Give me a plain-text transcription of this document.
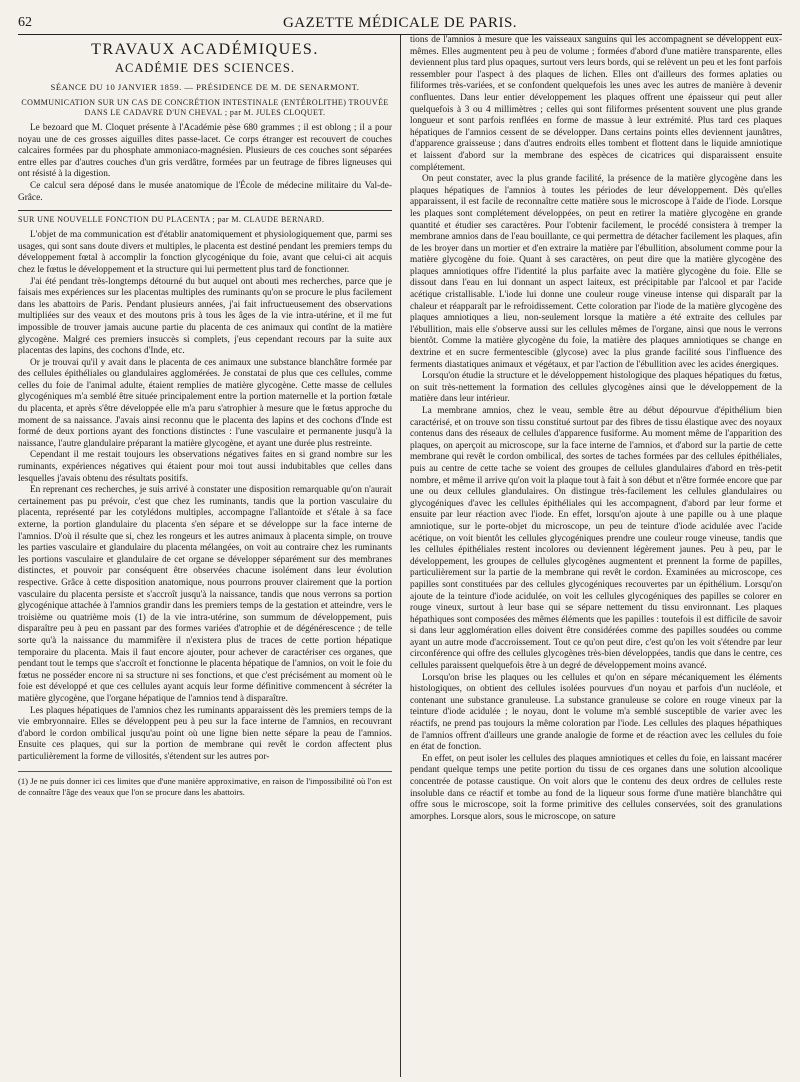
62	GAZETTE MÉDICALE DE PARIS.
TRAVAUX ACADÉMIQUES.
ACADÉMIE DES SCIENCES.
SÉANCE DU 10 JANVIER 1859. — PRÉSIDENCE DE M. DE SENARMONT.
COMMUNICATION SUR UN CAS DE CONCRÉTION INTESTINALE (ENTÉROLITHE) TROUVÉE DANS LE CADAVRE D'UN CHEVAL ; par M. JULES CLOQUET.

Le bezoard que M. Cloquet présente à l'Académie pèse 680 grammes ; il est oblong ; il a pour noyau une de ces grosses aiguilles dites passe-lacet. Ce corps étranger est recouvert de couches calcaires formées par du phosphate ammoniaco-magnésien. Plusieurs de ces couches sont séparées entre elles par d'autres couches d'un gris verdâtre, formées par un feutrage de fibres ligneuses qui ont résisté à la digestion.

Ce calcul sera déposé dans le musée anatomique de l'École de médecine militaire du Val-de-Grâce.

SUR UNE NOUVELLE FONCTION DU PLACENTA ; par M. CLAUDE BERNARD.

L'objet de ma communication est d'établir anatomiquement et physiologiquement que, parmi ses usages, qui sont sans doute divers et multiples, le placenta est destiné pendant les premiers temps du développement fœtal à accomplir la fonction glycogénique du foie, avant que celui-ci ait acquis chez le fœtus le développement et la structure qui lui permettent plus tard de fonctionner.

J'ai été pendant très-longtemps détourné du but auquel ont abouti mes recherches, parce que je faisais mes expériences sur les placentas multiples des ruminants qu'on se procure le plus facilement dans les abattoirs de Paris. Pendant plusieurs années, j'ai fait infructueusement des observations multipliées sur des veaux et des moutons pris à tous les âges de la vie intra-utérine, et il me fut impossible de trouver jamais aucune partie du placenta de ces animaux qui contînt de la matière glycogène. Malgré ces premiers insuccès si complets, j'eus cependant recours par la suite aux placentas des lapins, des cochons d'Inde, etc.

Or je trouvai qu'il y avait dans le placenta de ces animaux une substance blanchâtre formée par des cellules épithéliales ou glandulaires agglomérées. Je constatai de plus que ces cellules, comme celles du foie de l'animal adulte, étaient remplies de matière glycogène. Cette masse de cellules glycogéniques m'a semblé être située principalement entre la portion maternelle et la portion fœtale du placenta, et après s'être développée elle m'a paru s'atrophier à mesure que le fœtus approche du moment de sa naissance. J'avais ainsi reconnu que le placenta des lapins et des cochons d'Inde est formé de deux portions ayant des fonctions distinctes : l'une vasculaire et permanente jusqu'à la naissance, l'autre glandulaire préparant la matière glycogène, et ayant une durée plus restreinte.

Cependant il me restait toujours les observations négatives faites en si grand nombre sur les ruminants, expériences négatives qui étaient pour moi tout aussi indubitables que celles dans lesquelles j'avais obtenu des résultats positifs.

En reprenant ces recherches, je suis arrivé à constater une disposition remarquable qu'on n'aurait certainement pas pu prévoir, c'est que chez les ruminants, tandis que la portion vasculaire du placenta, représenté par les cotylédons multiples, accompagne l'allantoïde et s'étale à sa face externe, la portion glandulaire du placenta s'en sépare et se développe sur la face interne de l'amnios. D'où il résulte que si, chez les rongeurs et les autres animaux à placenta simple, on trouve les parties vasculaire et glandulaire du placenta mélangées, on voit au contraire chez les ruminants les portions vasculaire et glandulaire de cet organe se développer séparément sur des membranes distinctes, et pouvoir par conséquent être observées chacune isolément dans leur évolution respective. Grâce à cette disposition anatomique, nous pourrons prouver clairement que la portion vasculaire du placenta persiste et s'accroît jusqu'à la naissance, tandis que nous verrons sa portion glycogénique attachée à l'amnios grandir dans les premiers temps de la gestation et atteindre, vers le troisième ou quatrième mois (1) de la vie intra-utérine, son summum de développement, puis disparaître peu à peu en passant par des formes variées d'atrophie et de dégénérescence ; de telle sorte qu'à la naissance du mammifère il n'existera plus de traces de cette portion hépatique temporaire du placenta. Mais il faut encore ajouter, pour achever de caractériser ces organes, que pendant tout le temps que s'accroît et fonctionne le placenta hépatique de l'amnios, on voit le foie du fœtus ne posséder encore ni sa structure ni ses fonctions, et que c'est précisément au moment où le foie est développé et que ces cellules ayant acquis leur forme définitive commencent à sécréter la matière glycogène, que l'organe hépatique de l'amnios tend à disparaître.

Les plaques hépatiques de l'amnios chez les ruminants apparaissent dès les premiers temps de la vie embryonnaire. Elles se développent peu à peu sur la face interne de l'amnios, en recouvrant d'abord le cordon ombilical jusqu'au point où une ligne bien nette sépare la peau de l'amnios. Ensuite ces plaques, qui sur la portion de membrane qui revêt le cordon affectent plus particulièrement la forme de villosités, s'étendent sur les autres por-

(1) Je ne puis donner ici ces limites que d'une manière approximative, en raison de l'impossibilité où l'on est de connaître l'âge des veaux que l'on se procure dans les abattoirs.

tions de l'amnios à mesure que les vaisseaux sanguins qui les accompagnent se développent eux-mêmes. Elles augmentent peu à peu de volume ; formées d'abord d'une matière transparente, elles deviennent plus tard plus opaques, surtout vers leurs bords, qui se relèvent un peu et les font parfois ressembler pour l'aspect à des plaques de lichen. Elles ont d'ailleurs des formes aplaties ou filiformes très-variées, et se confondent quelquefois les unes avec les autres de manière à devenir confluentes. Dans leur entier développement les plaques offrent une épaisseur qui peut aller quelquefois à 3 ou 4 millimètres ; celles qui sont filiformes présentent souvent une plus grande longueur et sont parfois renflées en forme de massue à leur extrémité. Plus tard ces plaques hépatiques de l'amnios cessent de se développer. Dans certains points elles deviennent jaunâtres, d'apparence graisseuse ; dans d'autres endroits elles tombent et flottent dans le liquide amniotique et laissent d'abord sur la membrane des espèces de cicatrices qui disparaissent ensuite complétement.

On peut constater, avec la plus grande facilité, la présence de la matière glycogène dans les plaques hépatiques de l'amnios à toutes les périodes de leur développement. Dès qu'elles apparaissent, il est facile de reconnaître cette matière sous le microscope à l'aide de l'iode. Lorsque les plaques sont complétement développées, on peut en retirer la matière glycogène en grande quantité et étudier ses caractères. Pour l'obtenir facilement, le procédé consistera à tremper la membrane amnios dans de l'eau bouillante, ce qui permettra de détacher facilement les plaques, afin de les broyer dans un mortier et d'en extraire la matière par l'ébullition, absolument comme pour la matière glycogène du foie. Quant à ses caractères, on peut dire que la matière glycogène des plaques amniotiques offre l'identité la plus parfaite avec la matière glycogène du foie. Elle se dissout dans l'eau en lui donnant un aspect laiteux, est précipitable par l'alcool et par l'acide acétique cristallisable. L'iode lui donne une couleur rouge vineuse intense qui disparaît par la chaleur et réapparaît par le refroidissement. Cette coloration par l'iode de la matière glycogène des plaques amniotiques a lieu, non-seulement lorsque la matière a été extraite des cellules par l'ébullition, mais elle s'observe aussi sur les cellules mêmes de l'organe, ainsi que nous le verrons bientôt. Comme la matière glycogène du foie, la matière des plaques amniotiques se change en dextrine et en sucre fermentescible (glycose) avec la plus grande facilité sous l'influence des ferments diastatiques animaux et végétaux, et par l'action de l'ébullition avec les acides énergiques.

Lorsqu'on étudie la structure et le développement histologique des plaques hépatiques du fœtus, on suit très-nettement la formation des cellules glycogènes ainsi que le développement de la matière dans leur intérieur.

La membrane amnios, chez le veau, semble être au début dépourvue d'épithélium bien caractérisé, et on trouve son tissu constitué surtout par des fibres de tissu élastique avec des noyaux contenus dans des réseaux de cellules d'apparence fusiforme. Au moment même de l'apparition des plaques, on aperçoit au microscope, sur la face interne de l'amnios, et d'abord sur la partie de cette membrane qui revêt le cordon ombilical, des sortes de taches formées par des cellules épithéliales, puis au centre de cette tache se voient des groupes de cellules glandulaires d'abord en très-petit nombre, et même il arrive qu'on voit la plaque tout à fait à son début et n'être formée encore que par une ou deux cellules glandulaires. On distingue très-facilement les cellules glandulaires ou glycogéniques d'avec les cellules épithéliales qui les accompagnent, d'abord par leur forme et ensuite par leur réaction avec l'iode. En effet, lorsqu'on ajoute à une papille ou à une plaque amniotique, sur le porte-objet du microscope, un peu de teinture d'iode acidulée avec l'acide acétique, on voit bientôt les cellules glycogéniques prendre une couleur rouge vineuse, tandis que les cellules épithéliales restent incolores ou deviennent légèrement jaunes. Peu à peu, par le développement, les groupes de cellules glycogènes augmentent et prennent la forme de papilles, particulièrement sur la partie de la membrane qui revêt le cordon. Examinées au microscope, ces papilles sont constituées par des cellules glycogéniques recouvertes par un épithélium. Lorsqu'on ajoute de la teinture d'iode acidulée, on voit les cellules glycogéniques des papilles se colorer en rouge vineux, surtout à leur base qui se sépare nettement du tissu environnant. Les plaques hépathiques sont composées des mêmes éléments que les papilles : toutefois il est difficile de savoir si dans leur agglomération elles doivent être considérées comme des papilles soudées ou comme ayant un autre mode d'accroissement. Tout ce qu'on peut dire, c'est qu'on les voit s'étendre par leur circonférence qui offre des cellules glycogènes très-bien développées, tandis que dans le centre, ces cellules paraissent quelquefois être à un degré de développement moins avancé.

Lorsqu'on brise les plaques ou les cellules et qu'on en sépare mécaniquement les éléments histologiques, on obtient des cellules isolées pourvues d'un noyau et parfois d'un nucléole, et contenant une substance granuleuse. La substance granuleuse se colore en rouge vineux par la teinture d'iode acidulée ; le noyau, dont le volume m'a semblé susceptible de varier avec les réactifs, ne prend pas toujours la même coloration par l'iode. Les cellules des plaques hépathiques de l'amnios offrent d'ailleurs une grande analogie de forme et de réaction avec les cellules du foie en état de fonction.

En effet, on peut isoler les cellules des plaques amniotiques et celles du foie, en laissant macérer pendant quelque temps une petite portion du tissu de ces organes dans une solution alcoolique concentrée de potasse caustique. On voit alors que le contenu des deux ordres de cellules reste insoluble dans ce réactif et tombe au fond de la liqueur sous forme d'une matière blanchâtre qui offre sous le microscope, soit la forme primitive des cellules conservées, soit des granulations amorphes. Lorsque alors, sous le microscope, on sature
